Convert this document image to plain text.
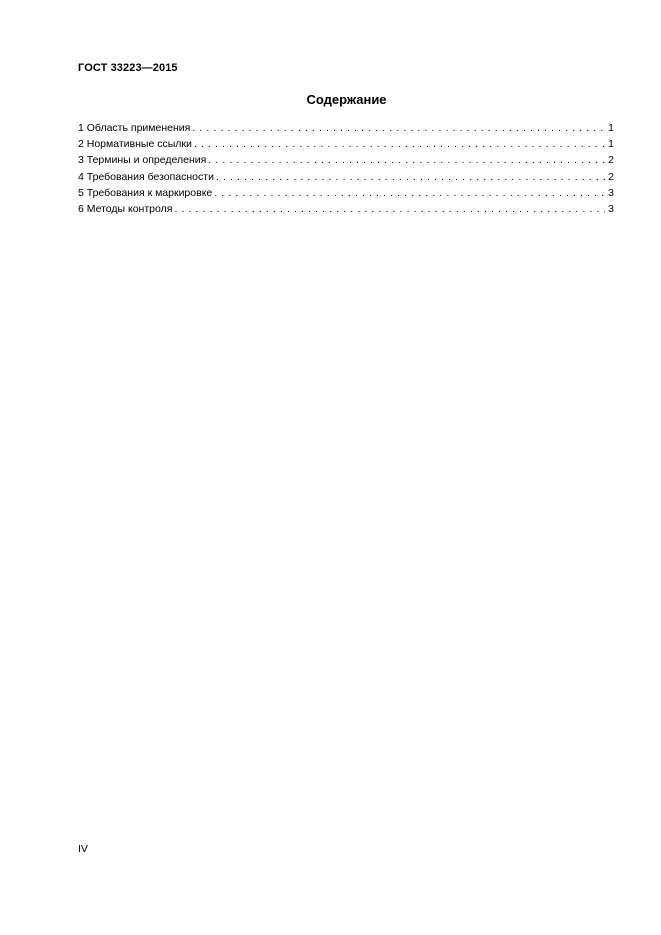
ГОСТ 33223—2015
Содержание
1 Область применения . . .	1
2 Нормативные ссылки . . .	1
3 Термины и определения . . .	2
4 Требования безопасности . . .	2
5 Требования к маркировке . . .	3
6 Методы контроля . . .	3
IV
